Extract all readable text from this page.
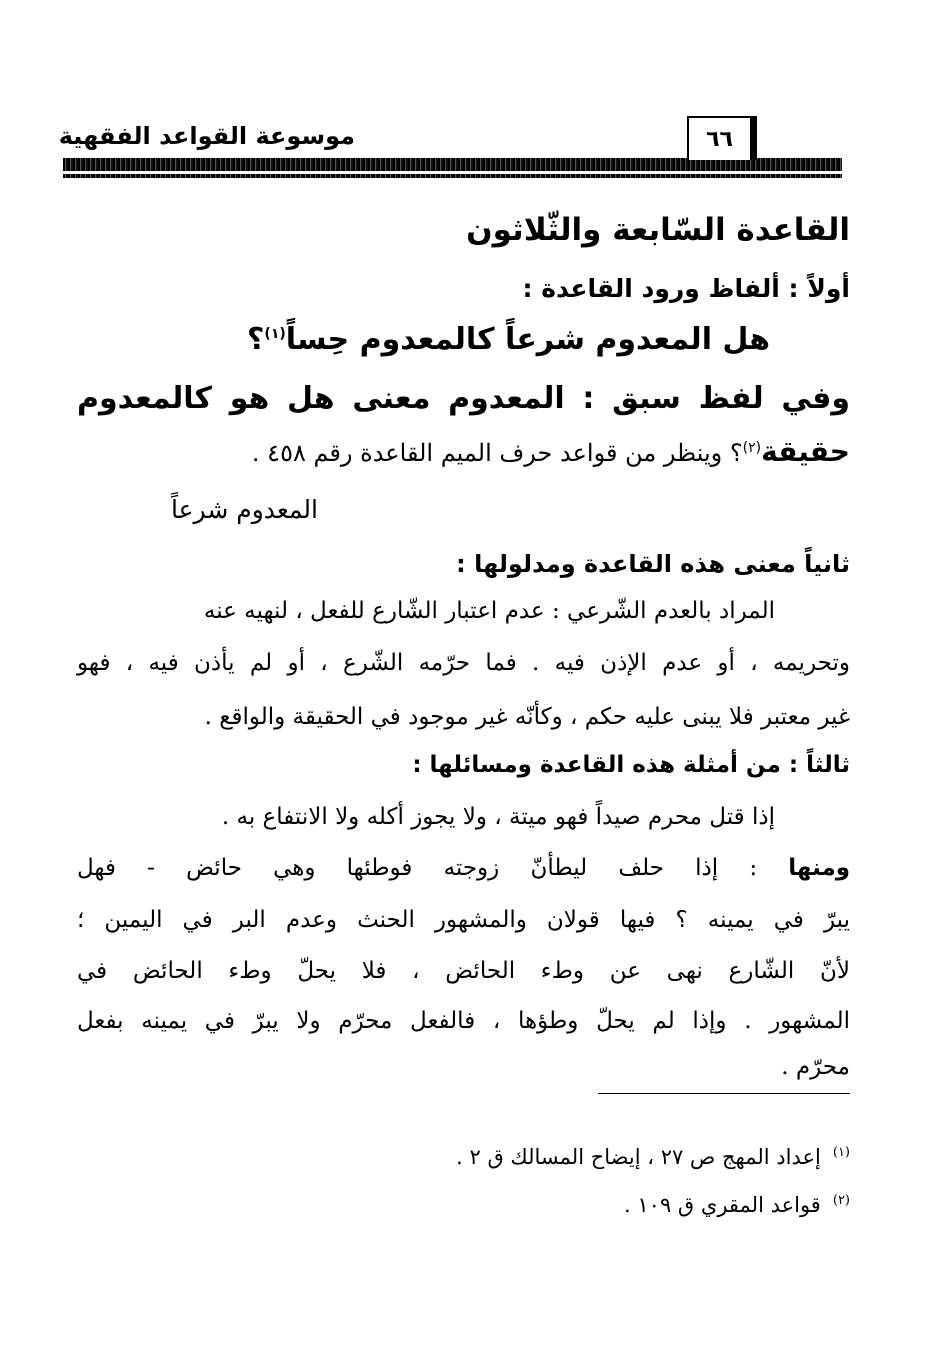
موسوعة القواعد الفقهية	٦٦
القاعدة السّابعة والثّلاثون
أولاً : ألفاظ ورود القاعدة :
هل المعدوم شرعاً كالمعدوم حِساً$^{(١)}$؟
وفي لفظ سبق : المعدوم معنى هل هو كالمعدوم
حقيقة$^{(٢)}$؟ وينظر من قواعد حرف الميم القاعدة رقم ٤٥٨ .
المعدوم شرعاً
ثانياً معنى هذه القاعدة ومدلولها :
المراد بالعدم الشّرعي : عدم اعتبار الشّارع للفعل ، لنهيه عنه
وتحريمه ، أو عدم الإذن فيه . فما حرّمه الشّرع ، أو لم يأذن فيه ، فهو
غير معتبر فلا يبنى عليه حكم ، وكأنّه غير موجود في الحقيقة والواقع .
ثالثاً : من أمثلة هذه القاعدة ومسائلها :
إذا قتل محرم صيداً فهو ميتة ، ولا يجوز أكله ولا الانتفاع به .
ومنها : إذا حلف ليطأنّ زوجته فوطئها وهي حائض - فهل
يبرّ في يمينه ؟ فيها قولان والمشهور الحنث وعدم البر في اليمين ؛
لأنّ الشّارع نهى عن وطء الحائض ، فلا يحلّ وطء الحائض في
المشهور . وإذا لم يحلّ وطؤها ، فالفعل محرّم ولا يبرّ في يمينه بفعل
محرّم .
$^{(١)}$إعداد المهج ص ٢٧ ، إيضاح المسالك ق ٢ .
$^{(٢)}$قواعد المقري ق ١٠٩ .
